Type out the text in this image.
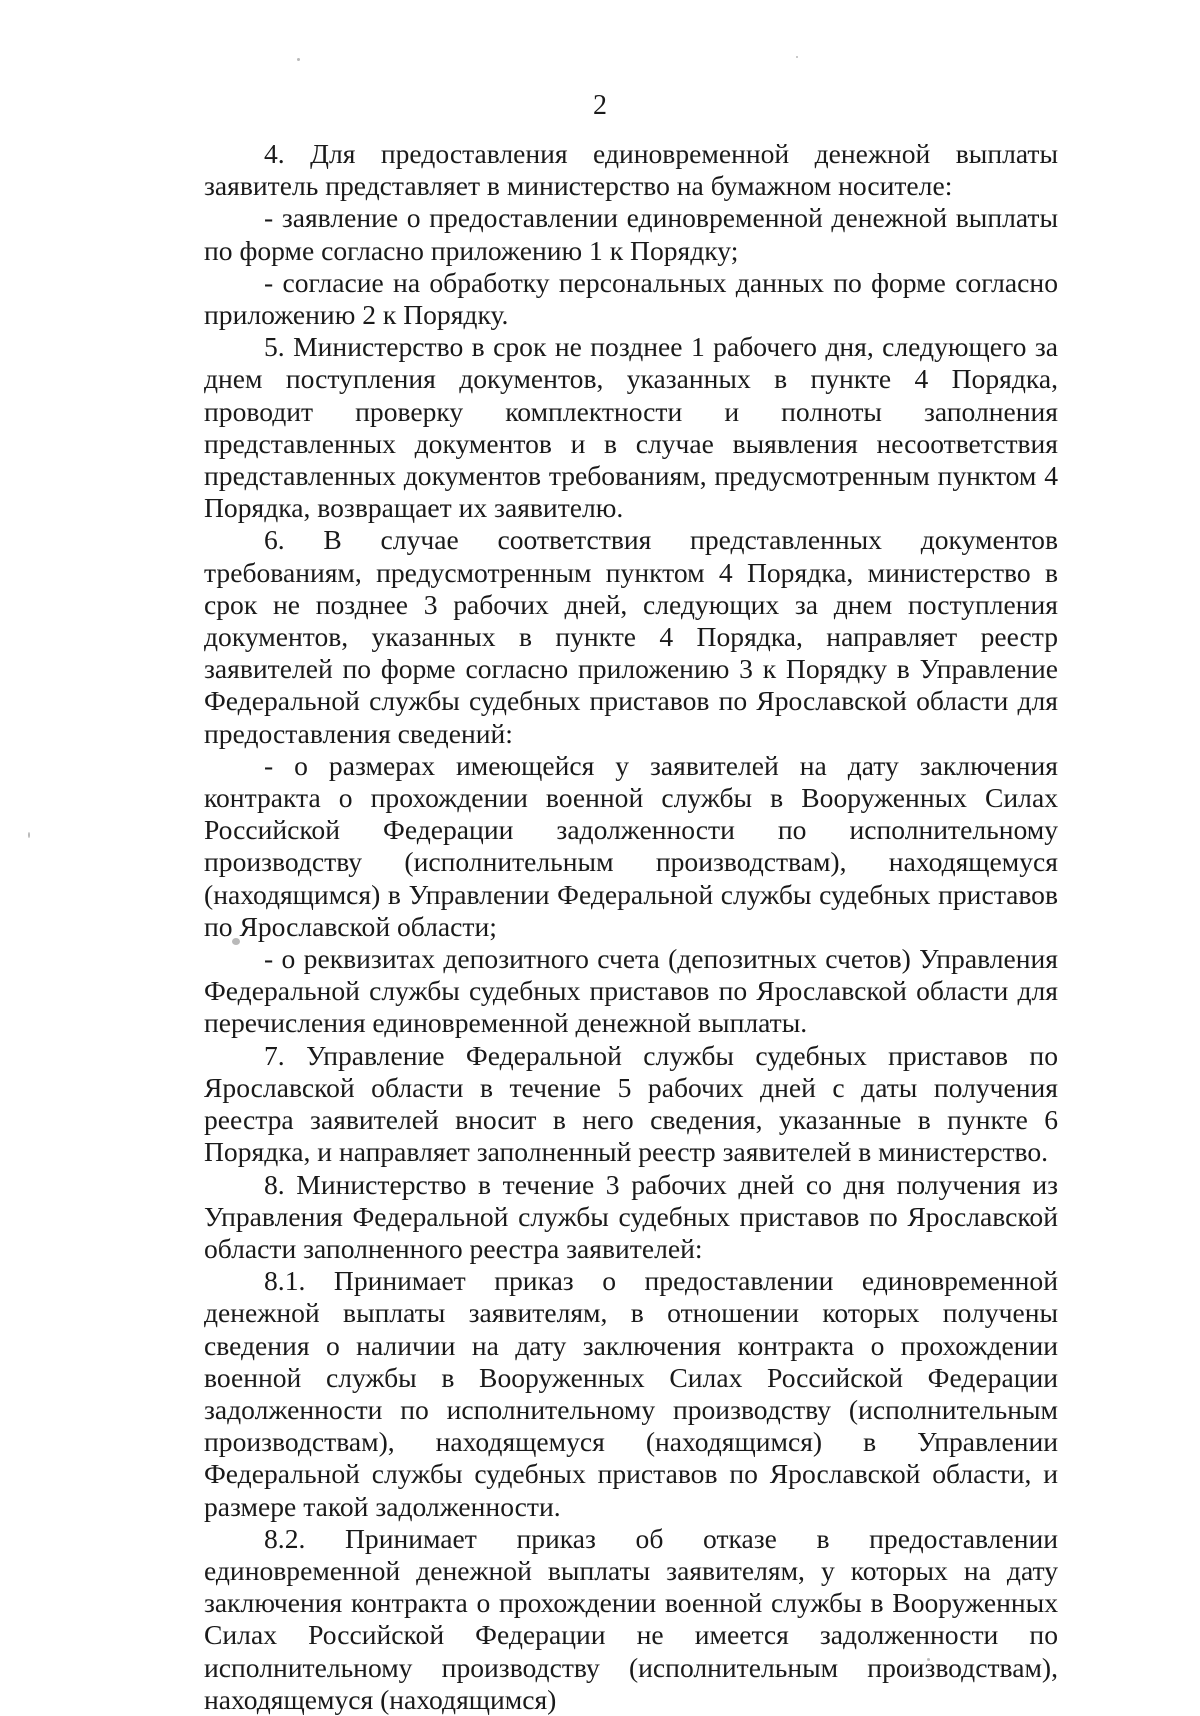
2

4. Для предоставления единовременной денежной выплаты заявитель представляет в министерство на бумажном носителе:

- заявление о предоставлении единовременной денежной выплаты по форме согласно приложению 1 к Порядку;

- согласие на обработку персональных данных по форме согласно приложению 2 к Порядку.

5. Министерство в срок не позднее 1 рабочего дня, следующего за днем поступления документов, указанных в пункте 4 Порядка, проводит проверку комплектности и полноты заполнения представленных документов и в случае выявления несоответствия представленных документов требованиям, предусмотренным пунктом 4 Порядка, возвращает их заявителю.

6. В случае соответствия представленных документов требованиям, предусмотренным пунктом 4 Порядка, министерство в срок не позднее 3 рабочих дней, следующих за днем поступления документов, указанных в пункте 4 Порядка, направляет реестр заявителей по форме согласно приложению 3 к Порядку в Управление Федеральной службы судебных приставов по Ярославской области для предоставления сведений:

- о размерах имеющейся у заявителей на дату заключения контракта о прохождении военной службы в Вооруженных Силах Российской Федерации задолженности по исполнительному производству (исполнительным производствам), находящемуся (находящимся) в Управлении Федеральной службы судебных приставов по Ярославской области;

- о реквизитах депозитного счета (депозитных счетов) Управления Федеральной службы судебных приставов по Ярославской области для перечисления единовременной денежной выплаты.

7. Управление Федеральной службы судебных приставов по Ярославской области в течение 5 рабочих дней с даты получения реестра заявителей вносит в него сведения, указанные в пункте 6 Порядка, и направляет заполненный реестр заявителей в министерство.

8. Министерство в течение 3 рабочих дней со дня получения из Управления Федеральной службы судебных приставов по Ярославской области заполненного реестра заявителей:

8.1. Принимает приказ о предоставлении единовременной денежной выплаты заявителям, в отношении которых получены сведения о наличии на дату заключения контракта о прохождении военной службы в Вооруженных Силах Российской Федерации задолженности по исполнительному производству (исполнительным производствам), находящемуся (находящимся) в Управлении Федеральной службы судебных приставов по Ярославской области, и размере такой задолженности.

8.2. Принимает приказ об отказе в предоставлении единовременной денежной выплаты заявителям, у которых на дату заключения контракта о прохождении военной службы в Вооруженных Силах Российской Федерации не имеется задолженности по исполнительному производству (исполнительным производствам), находящемуся (находящимся)
